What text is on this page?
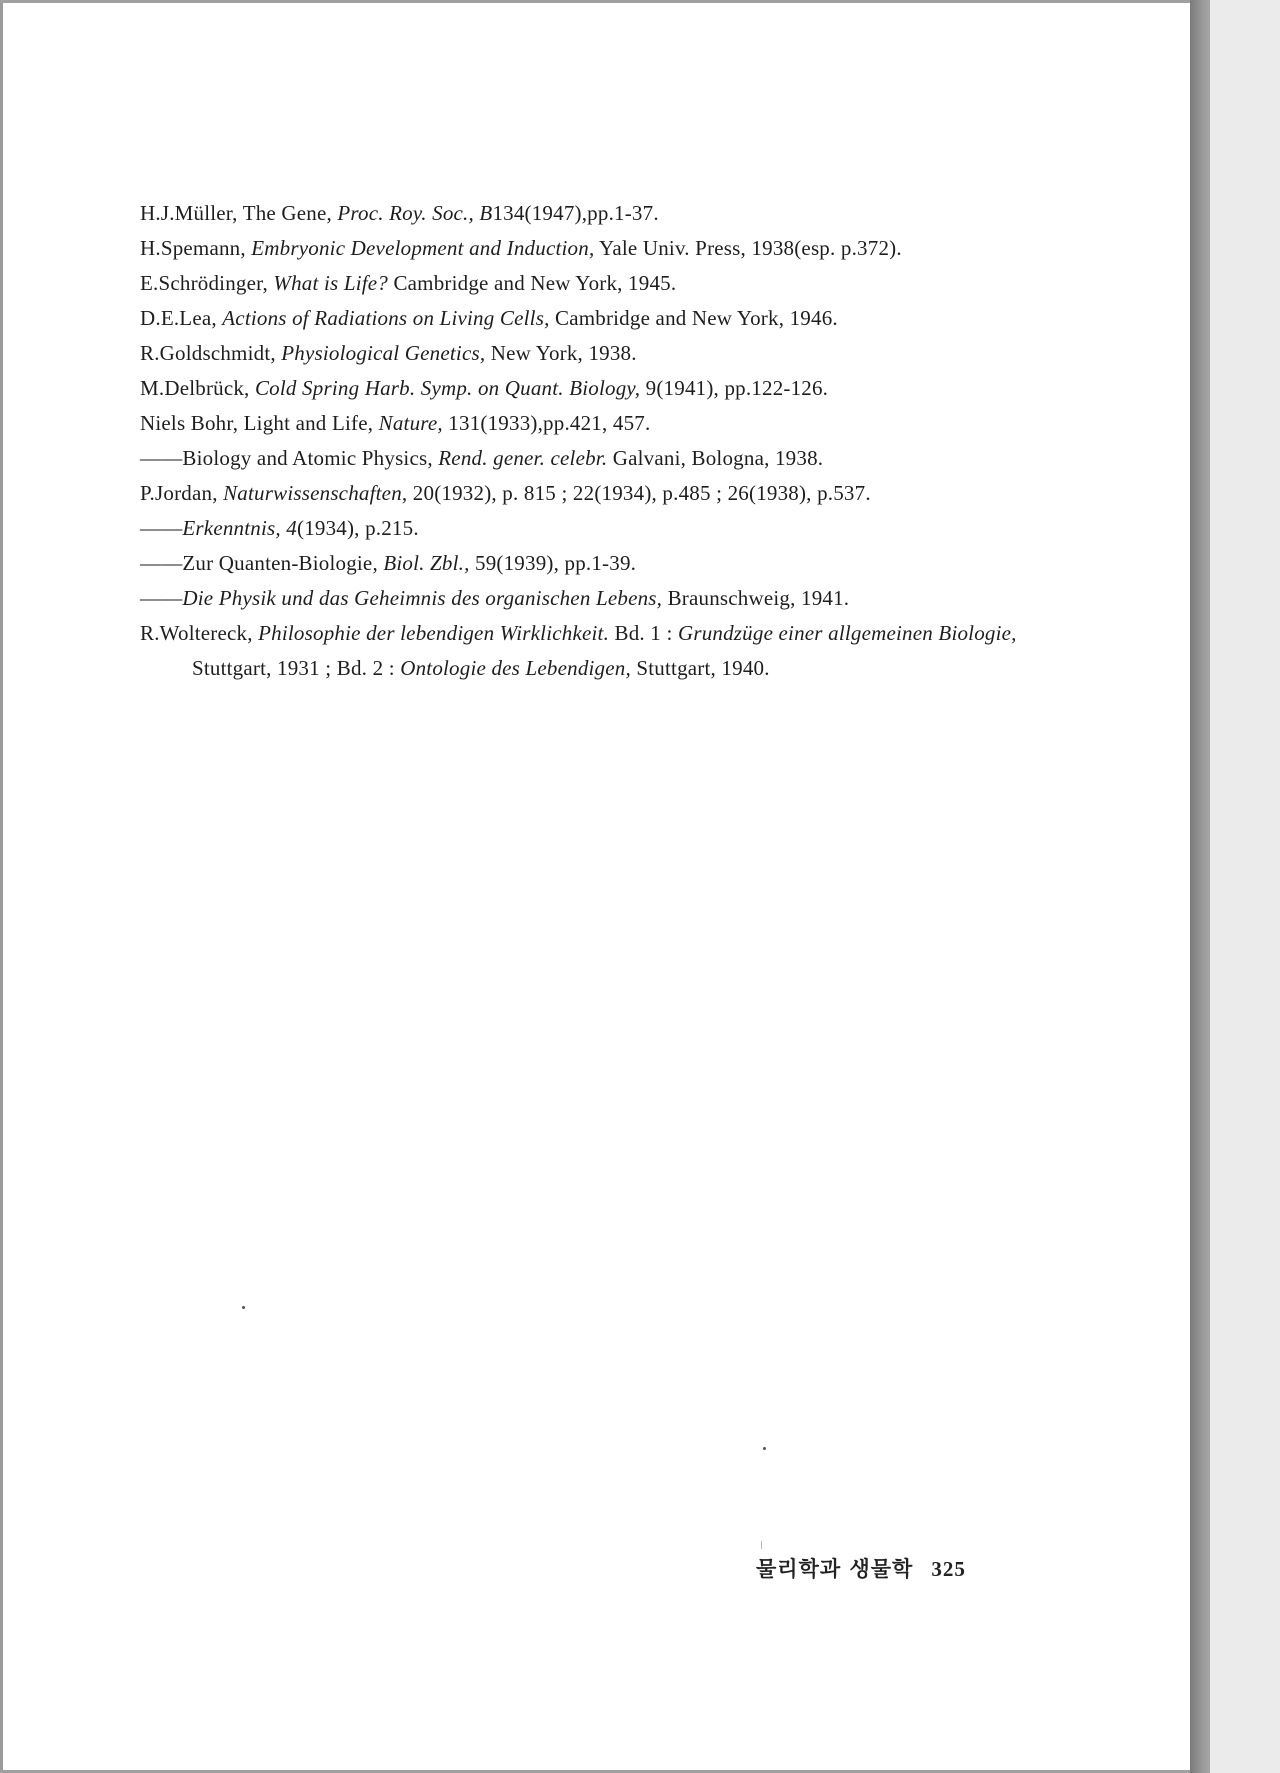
H.J.Müller, The Gene, Proc. Roy. Soc., B134(1947),pp.1-37.
H.Spemann, Embryonic Development and Induction, Yale Univ. Press, 1938(esp. p.372).
E.Schrödinger, What is Life? Cambridge and New York, 1945.
D.E.Lea, Actions of Radiations on Living Cells, Cambridge and New York, 1946.
R.Goldschmidt, Physiological Genetics, New York, 1938.
M.Delbrück, Cold Spring Harb. Symp. on Quant. Biology, 9(1941), pp.122-126.
Niels Bohr, Light and Life, Nature, 131(1933),pp.421, 457.
——Biology and Atomic Physics, Rend. gener. celebr. Galvani, Bologna, 1938.
P.Jordan, Naturwissenschaften, 20(1932), p. 815 ; 22(1934), p.485 ; 26(1938), p.537.
——Erkenntnis, 4(1934), p.215.
——Zur Quanten-Biologie, Biol. Zbl., 59(1939), pp.1-39.
——Die Physik und das Geheimnis des organischen Lebens, Braunschweig, 1941.
R.Woltereck, Philosophie der lebendigen Wirklichkeit. Bd. 1 : Grundzüge einer allgemeinen Biologie, Stuttgart, 1931 ; Bd. 2 : Ontologie des Lebendigen, Stuttgart, 1940.
물리학과 생물학 325
